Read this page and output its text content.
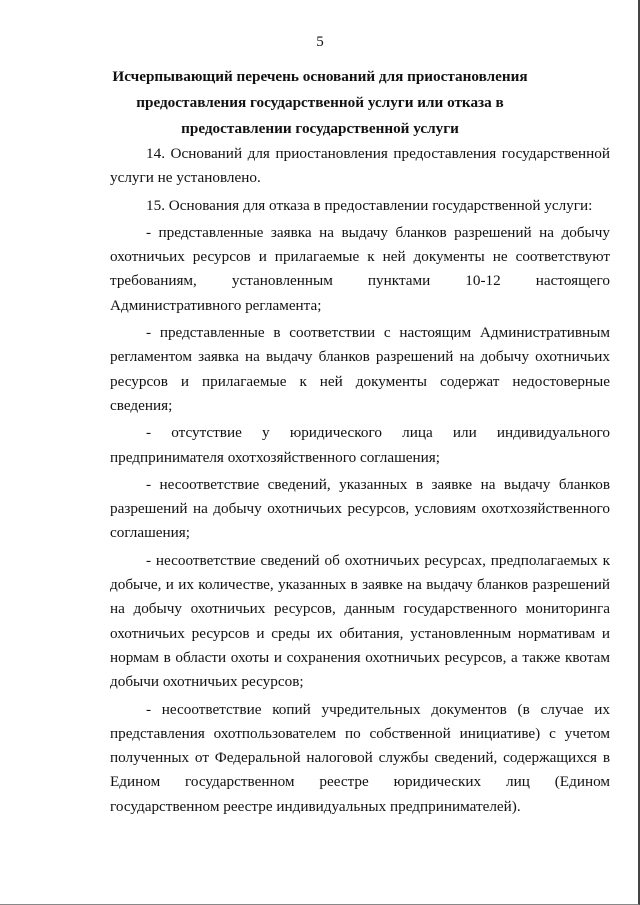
5
Исчерпывающий перечень оснований для приостановления предоставления государственной услуги или отказа в предоставлении государственной услуги

14. Оснований для приостановления предоставления государственной услуги не установлено.

15. Основания для отказа в предоставлении государственной услуги:

- представленные заявка на выдачу бланков разрешений на добычу охотничьих ресурсов и прилагаемые к ней документы не соответствуют требованиям, установленным пунктами 10-12 настоящего Административного регламента;

- представленные в соответствии с настоящим Административным регламентом заявка на выдачу бланков разрешений на добычу охотничьих ресурсов и прилагаемые к ней документы содержат недостоверные сведения;

- отсутствие у юридического лица или индивидуального предпринимателя охотхозяйственного соглашения;

- несоответствие сведений, указанных в заявке на выдачу бланков разрешений на добычу охотничьих ресурсов, условиям охотхозяйственного соглашения;

- несоответствие сведений об охотничьих ресурсах, предполагаемых к добыче, и их количестве, указанных в заявке на выдачу бланков разрешений на добычу охотничьих ресурсов, данным государственного мониторинга охотничьих ресурсов и среды их обитания, установленным нормативам и нормам в области охоты и сохранения охотничьих ресурсов, а также квотам добычи охотничьих ресурсов;

- несоответствие копий учредительных документов (в случае их представления охотпользователем по собственной инициативе) с учетом полученных от Федеральной налоговой службы сведений, содержащихся в Едином государственном реестре юридических лиц (Едином государственном реестре индивидуальных предпринимателей).
